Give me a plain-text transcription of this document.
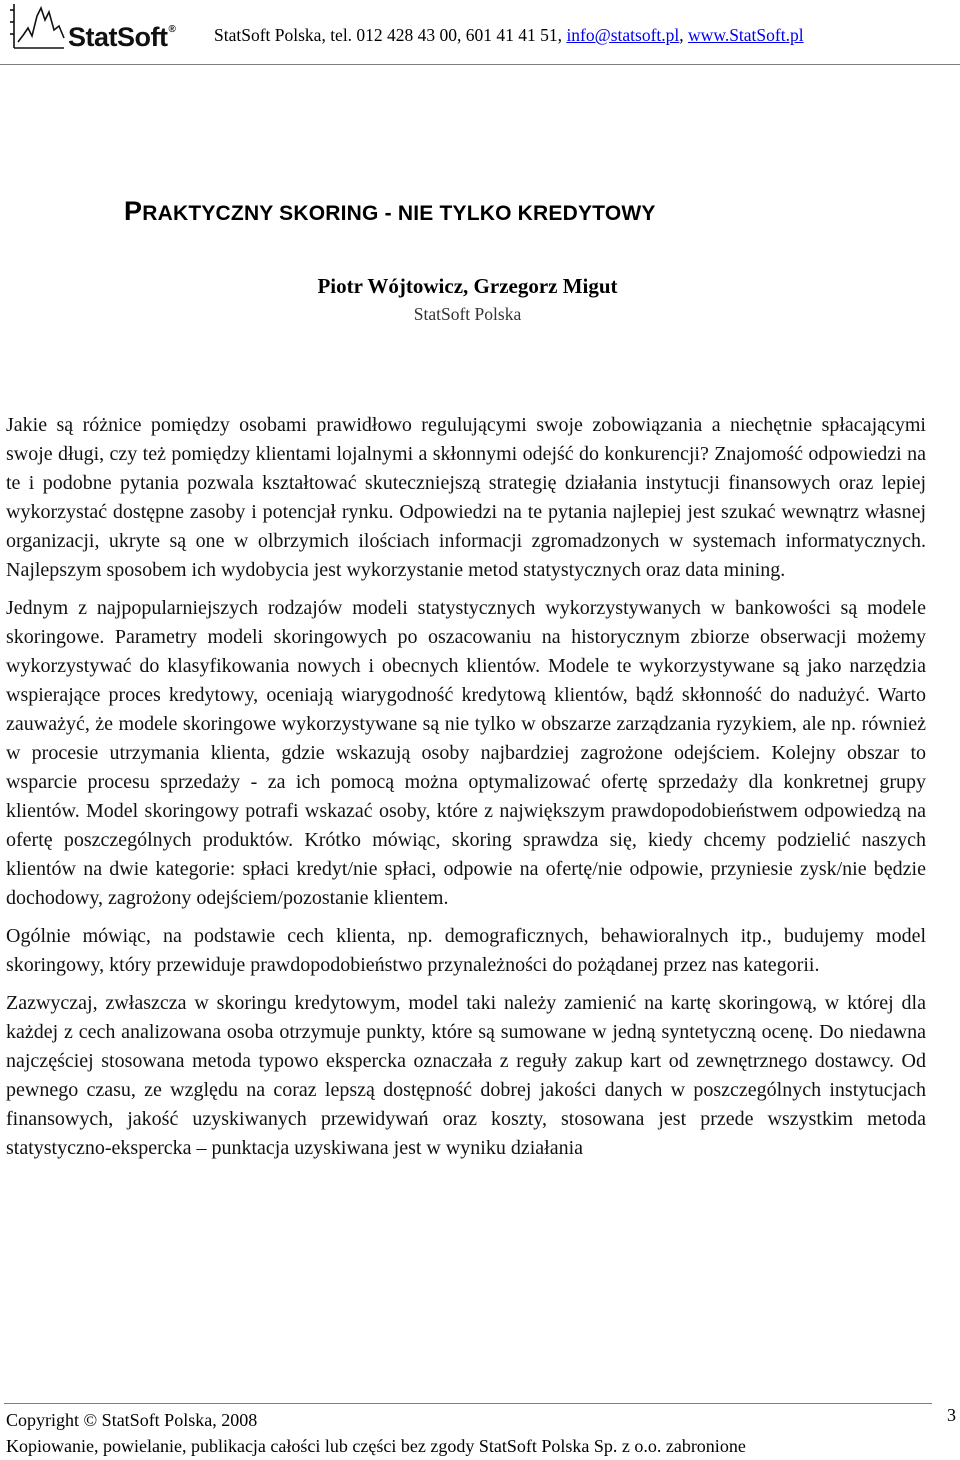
StatSoft® StatSoft Polska, tel. 012 428 43 00, 601 41 41 51, info@statsoft.pl, www.StatSoft.pl
PRAKTYCZNY SKORING - NIE TYLKO KREDYTOWY
Piotr Wójtowicz, Grzegorz Migut
StatSoft Polska

Jakie są różnice pomiędzy osobami prawidłowo regulującymi swoje zobowiązania a niechętnie spłacającymi swoje długi, czy też pomiędzy klientami lojalnymi a skłonnymi odejść do konkurencji? Znajomość odpowiedzi na te i podobne pytania pozwala kształtować skuteczniejszą strategię działania instytucji finansowych oraz lepiej wykorzystać dostępne zasoby i potencjał rynku. Odpowiedzi na te pytania najlepiej jest szukać wewnątrz własnej organizacji, ukryte są one w olbrzymich ilościach informacji zgromadzonych w systemach informatycznych. Najlepszym sposobem ich wydobycia jest wykorzystanie metod statystycznych oraz data mining.

Jednym z najpopularniejszych rodzajów modeli statystycznych wykorzystywanych w bankowości są modele skoringowe. Parametry modeli skoringowych po oszacowaniu na historycznym zbiorze obserwacji możemy wykorzystywać do klasyfikowania nowych i obecnych klientów. Modele te wykorzystywane są jako narzędzia wspierające proces kredytowy, oceniają wiarygodność kredytową klientów, bądź skłonność do nadużyć. Warto zauważyć, że modele skoringowe wykorzystywane są nie tylko w obszarze zarządzania ryzykiem, ale np. również w procesie utrzymania klienta, gdzie wskazują osoby najbardziej zagrożone odejściem. Kolejny obszar to wsparcie procesu sprzedaży - za ich pomocą można optymalizować ofertę sprzedaży dla konkretnej grupy klientów. Model skoringowy potrafi wskazać osoby, które z największym prawdopodobieństwem odpowiedzą na ofertę poszczególnych produktów. Krótko mówiąc, skoring sprawdza się, kiedy chcemy podzielić naszych klientów na dwie kategorie: spłaci kredyt/nie spłaci, odpowie na ofertę/nie odpowie, przyniesie zysk/nie będzie dochodowy, zagrożony odejściem/pozostanie klientem.

Ogólnie mówiąc, na podstawie cech klienta, np. demograficznych, behawioralnych itp., budujemy model skoringowy, który przewiduje prawdopodobieństwo przynależności do pożądanej przez nas kategorii.

Zazwyczaj, zwłaszcza w skoringu kredytowym, model taki należy zamienić na kartę skoringową, w której dla każdej z cech analizowana osoba otrzymuje punkty, które są sumowane w jedną syntetyczną ocenę. Do niedawna najczęściej stosowana metoda typowo ekspercka oznaczała z reguły zakup kart od zewnętrznego dostawcy. Od pewnego czasu, ze względu na coraz lepszą dostępność dobrej jakości danych w poszczególnych instytucjach finansowych, jakość uzyskiwanych przewidywań oraz koszty, stosowana jest przede wszystkim metoda statystyczno-ekspercka – punktacja uzyskiwana jest w wyniku działania

Copyright © StatSoft Polska, 2008
Kopiowanie, powielanie, publikacja całości lub części bez zgody StatSoft Polska Sp. z o.o. zabronione
3
